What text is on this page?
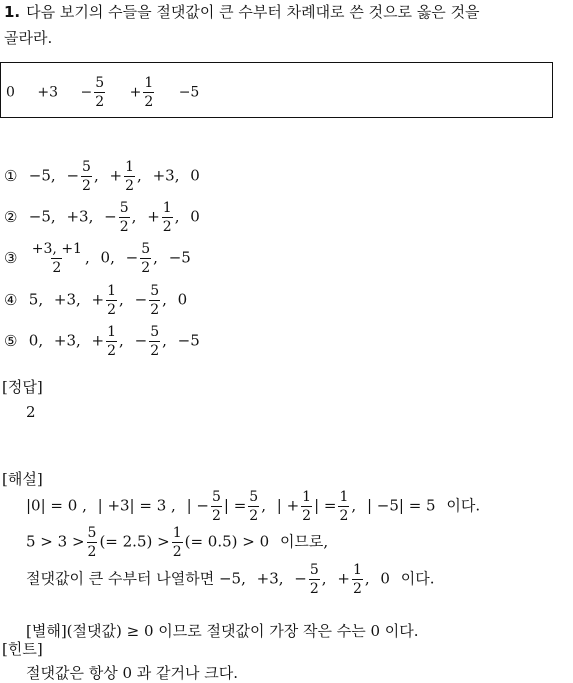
1. 다음 보기의 수들을 절댓값이 큰 수부터 차례대로 쓴 것으로 옳은 것을
골라라.
$0 +3 - \frac{5}{2} + \frac{1}{2} -5$
① −5, − $\frac{5}{2}$ , + $\frac{1}{2}$ , +3, 0
② −5, +3, − $\frac{5}{2}$ , + $\frac{1}{2}$ , 0
③ $\frac{+3, +1}{2}$ , 0, − $\frac{5}{2}$ , −5
④ 5, +3, + $\frac{1}{2}$ , − $\frac{5}{2}$ , 0
⑤ 0, +3, + $\frac{1}{2}$ , − $\frac{5}{2}$ , −5
[정답]
2
[해설]
|0| = 0 , | +3| = 3 , | − $\frac{5}{2}$ | = $\frac{5}{2}$ , | + $\frac{1}{2}$ | = $\frac{1}{2}$ , | −5| = 5 이다.
$5 > 3 > \frac{5}{2}$ (= $2.5) > \frac{1}{2}$ (= 0.5) > 0 이므로,
절댓값이 큰 수부터 나열하면 −5, +3, − $\frac{5}{2}$ , + $\frac{1}{2}$ , 0 이다.
[별해](절댓값) ≥ 0 이므로 절댓값이 가장 작은 수는 0 이다.
[힌트]
절댓값은 항상 0 과 같거나 크다.
